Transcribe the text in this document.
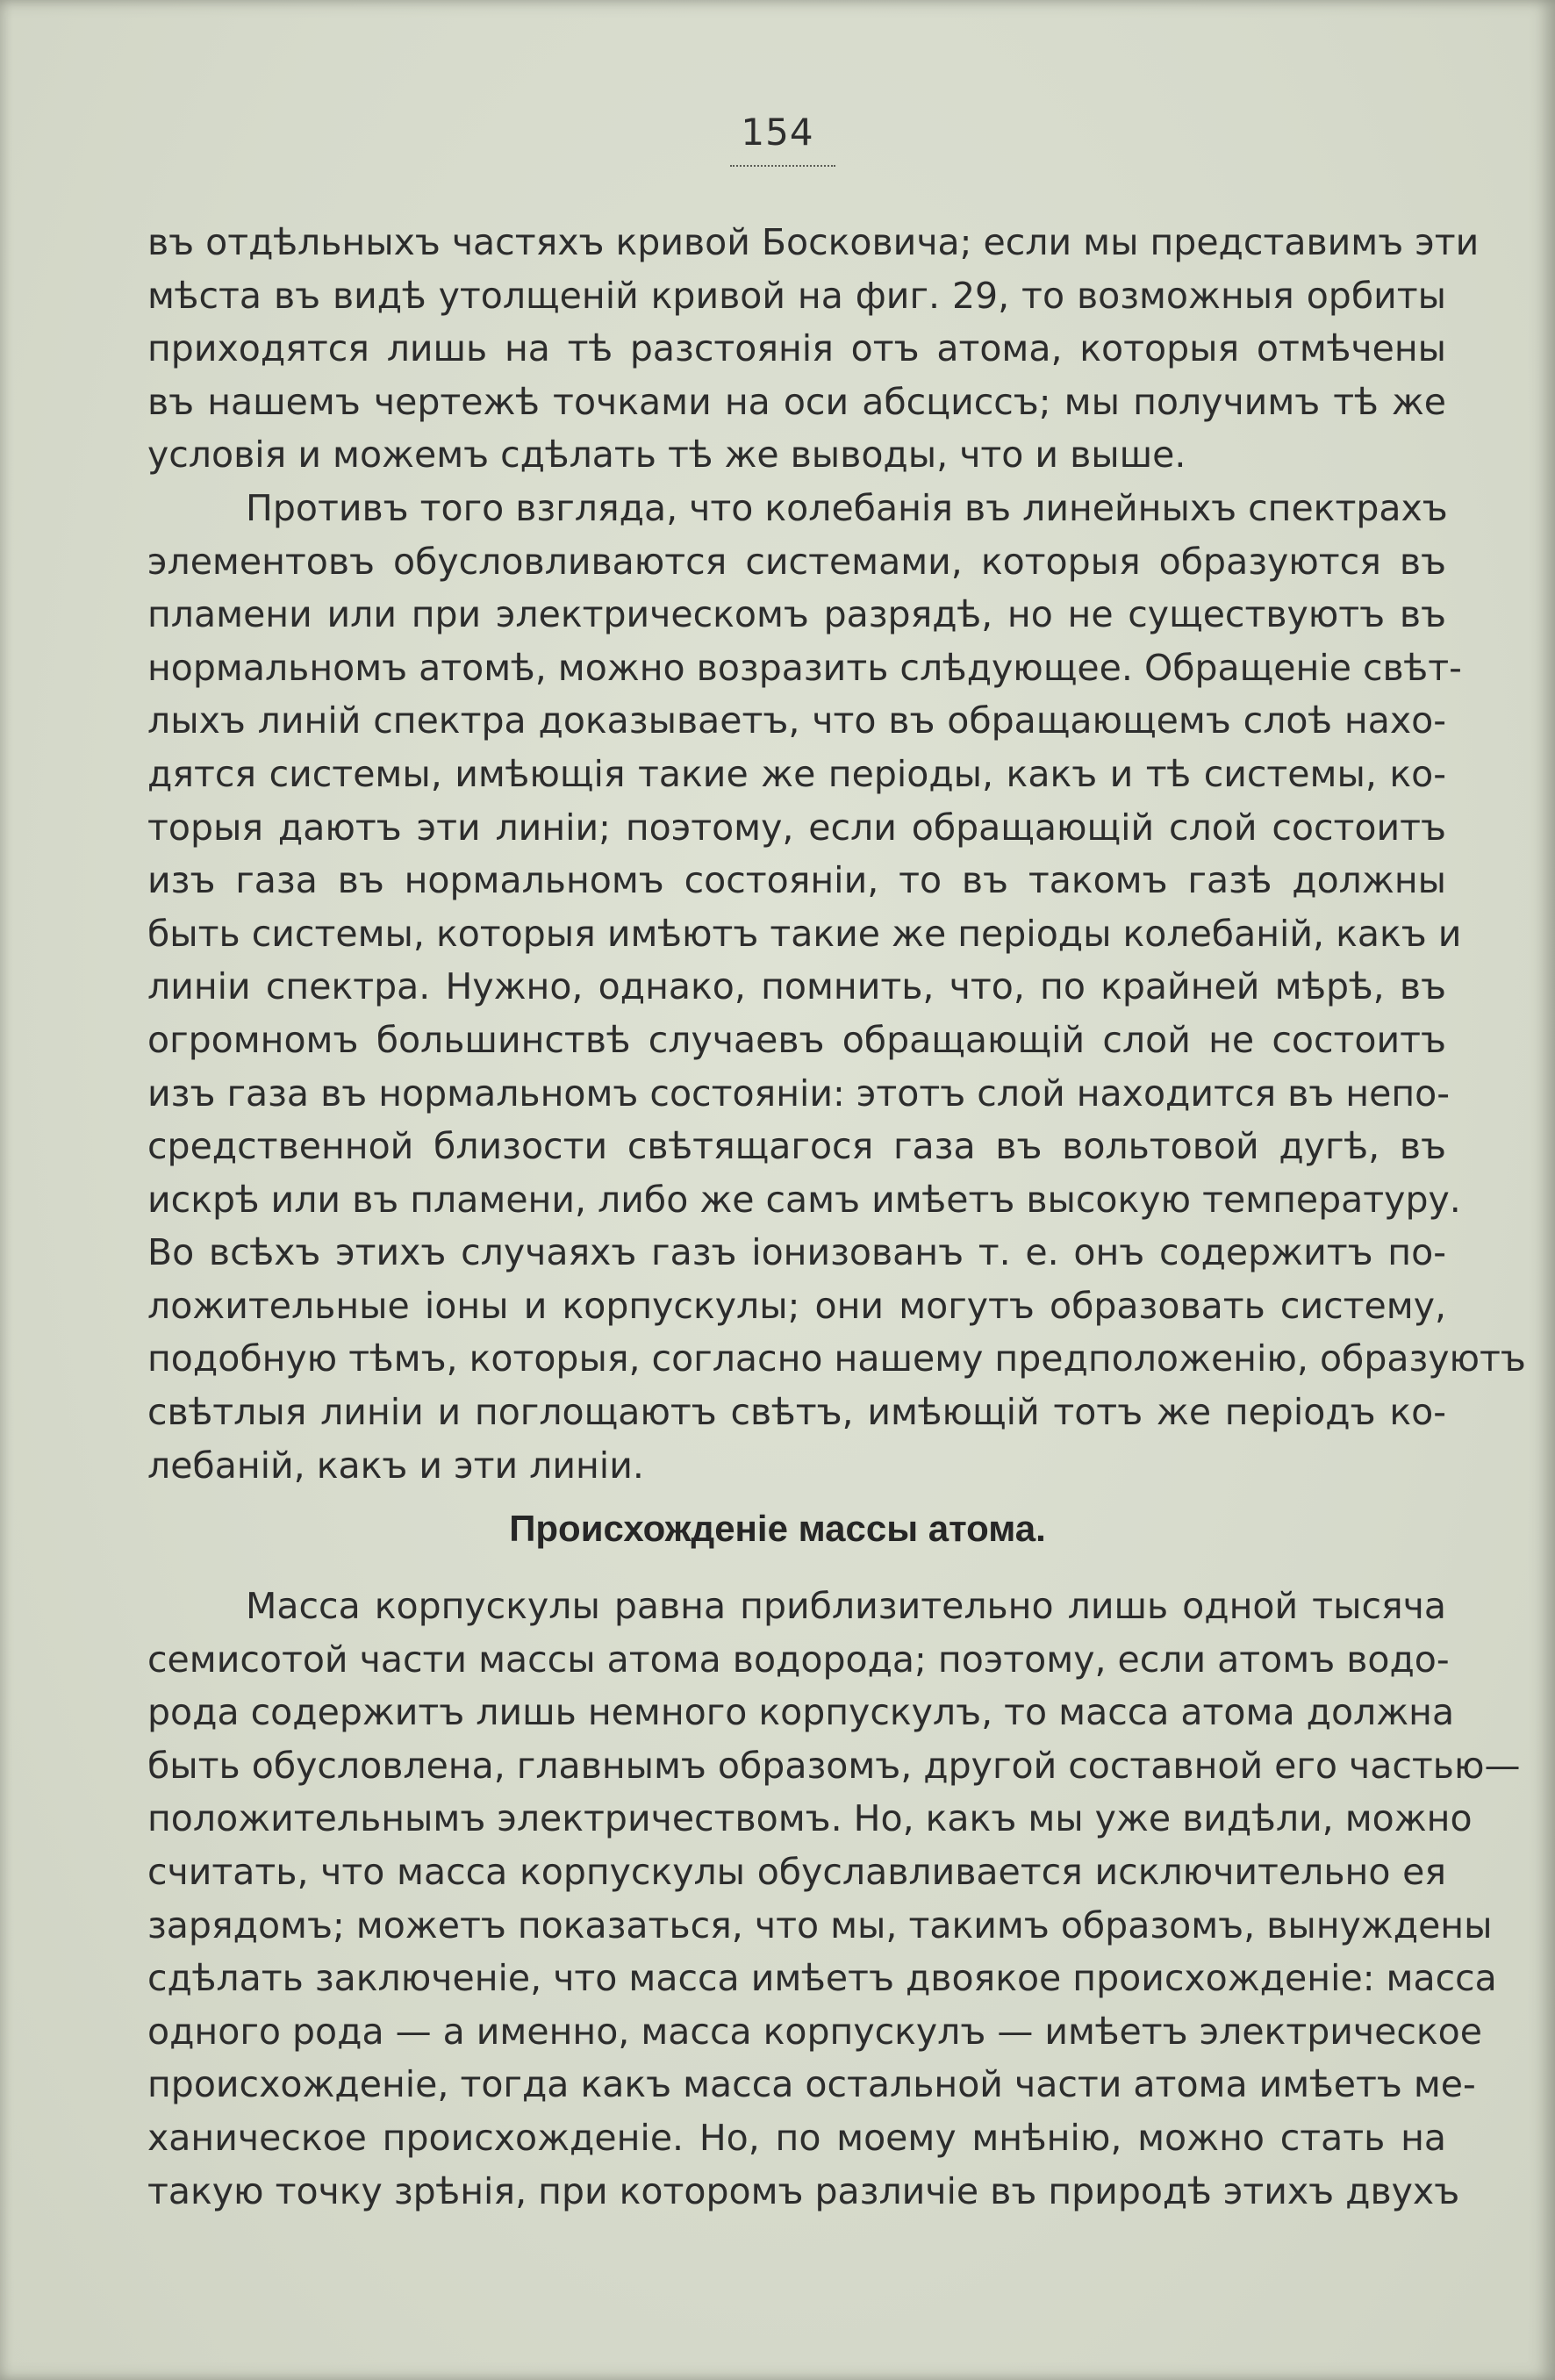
154
въ отдѣльныхъ частяхъ кривой Босковича; если мы представимъ эти
мѣста въ видѣ утолщеній кривой на фиг. 29, то возможныя орбиты
приходятся лишь на тѣ разстоянія отъ атома, которыя отмѣчены
въ нашемъ чертежѣ точками на оси абсциссъ; мы получимъ тѣ же
условія и можемъ сдѣлать тѣ же выводы, что и выше.
Противъ того взгляда, что колебанія въ линейныхъ спектрахъ
элементовъ обусловливаются системами, которыя образуются въ
пламени или при электрическомъ разрядѣ, но не существуютъ въ
нормальномъ атомѣ, можно возразить слѣдующее. Обращеніе свѣт-
лыхъ линій спектра доказываетъ, что въ обращающемъ слоѣ нахо-
дятся системы, имѣющія такие же періоды, какъ и тѣ системы, ко-
торыя даютъ эти линіи; поэтому, если обращающій слой состоитъ
изъ газа въ нормальномъ состояніи, то въ такомъ газѣ должны
быть системы, которыя имѣютъ такие же періоды колебаній, какъ и
линіи спектра. Нужно, однако, помнить, что, по крайней мѣрѣ, въ
огромномъ большинствѣ случаевъ обращающій слой не состоитъ
изъ газа въ нормальномъ состояніи: этотъ слой находится въ непо-
средственной близости свѣтящагося газа въ вольтовой дугѣ, въ
искрѣ или въ пламени, либо же самъ имѣетъ высокую температуру.
Во всѣхъ этихъ случаяхъ газъ іонизованъ т. е. онъ содержитъ по-
ложительные іоны и корпускулы; они могутъ образовать систему,
подобную тѣмъ, которыя, согласно нашему предположенію, образуютъ
свѣтлыя линіи и поглощаютъ свѣтъ, имѣющій тотъ же періодъ ко-
лебаній, какъ и эти линіи.
Происхожденіе массы атома.
Масса корпускулы равна приблизительно лишь одной тысяча
семисотой части массы атома водорода; поэтому, если атомъ водо-
рода содержитъ лишь немного корпускулъ, то масса атома должна
быть обусловлена, главнымъ образомъ, другой составной его частью—
положительнымъ электричествомъ. Но, какъ мы уже видѣли, можно
считать, что масса корпускулы обуславливается исключительно ея
зарядомъ; можетъ показаться, что мы, такимъ образомъ, вынуждены
сдѣлать заключеніе, что масса имѣетъ двоякое происхожденіе: масса
одного рода — а именно, масса корпускулъ — имѣетъ электрическое
происхожденіе, тогда какъ масса остальной части атома имѣетъ ме-
ханическое происхожденіе. Но, по моему мнѣнію, можно стать на
такую точку зрѣнія, при которомъ различіе въ природѣ этихъ двухъ
